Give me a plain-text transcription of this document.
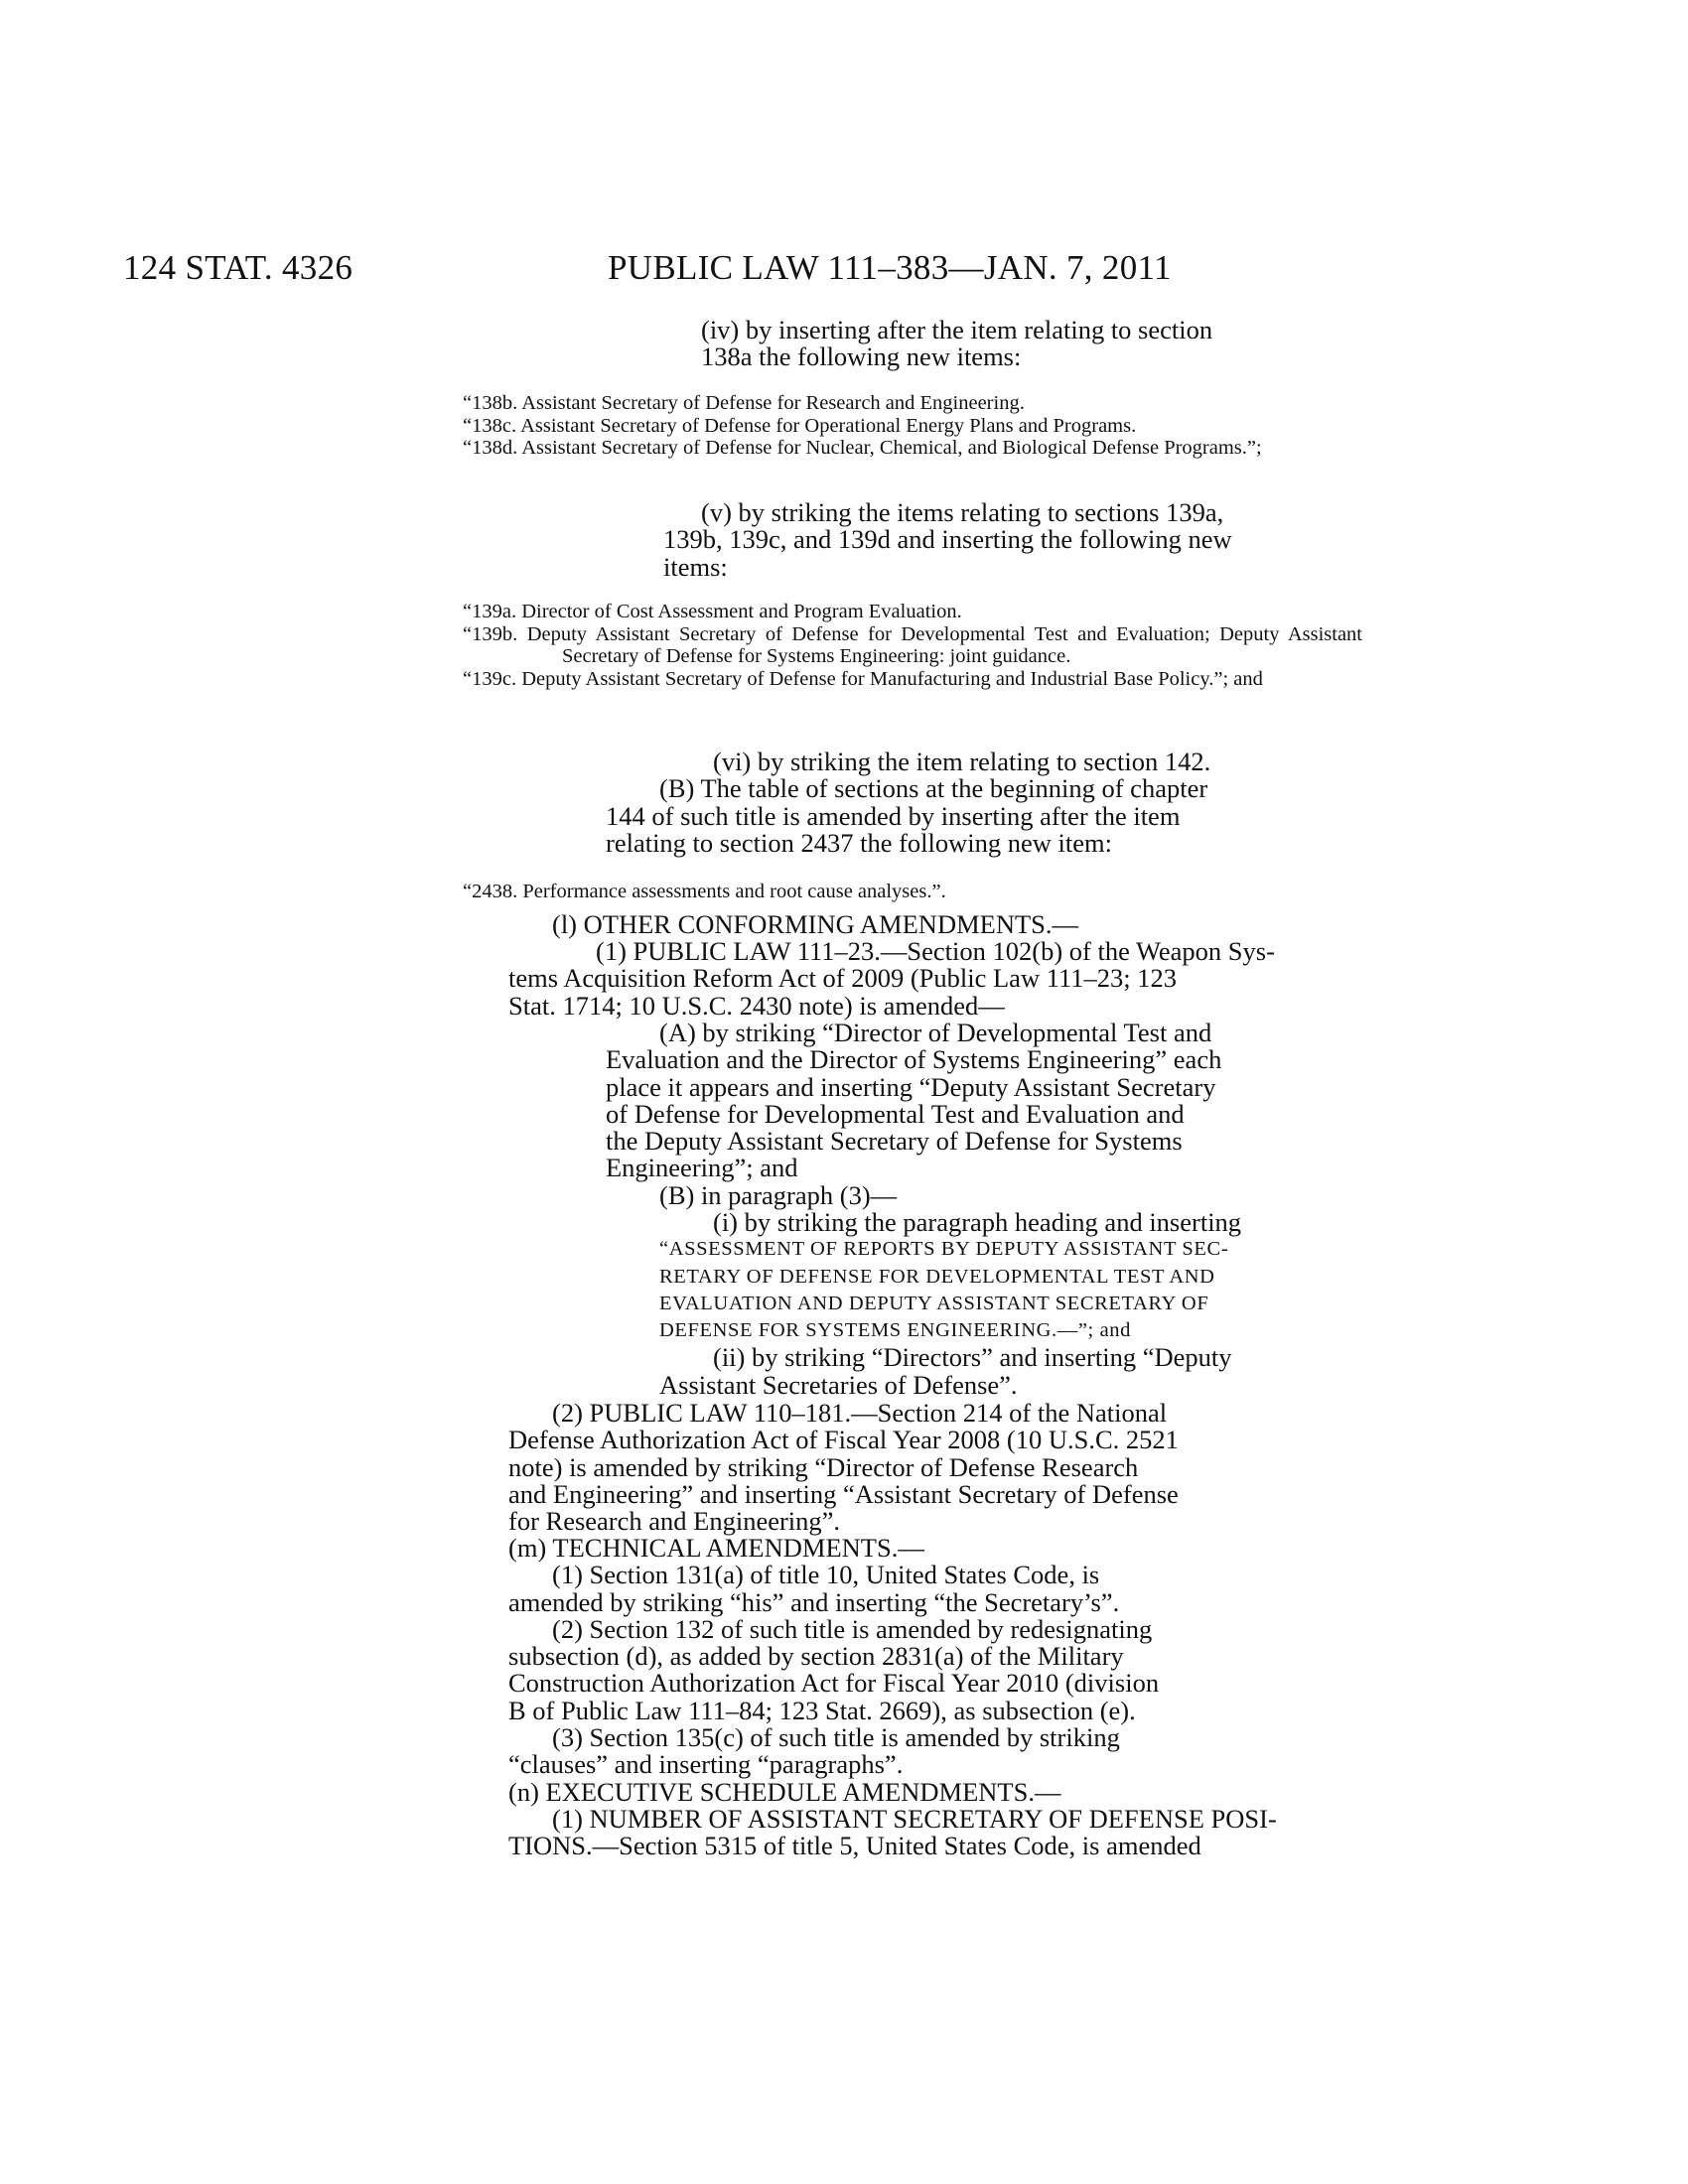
124 STAT. 4326	PUBLIC LAW 111–383—JAN. 7, 2011
(iv) by inserting after the item relating to section
138a the following new items:
“138b. Assistant Secretary of Defense for Research and Engineering.
“138c. Assistant Secretary of Defense for Operational Energy Plans and Programs.
“138d. Assistant Secretary of Defense for Nuclear, Chemical, and Biological Defense Programs.”;
(v) by striking the items relating to sections 139a,
139b, 139c, and 139d and inserting the following new
items:
“139a. Director of Cost Assessment and Program Evaluation.
“139b. Deputy Assistant Secretary of Defense for Developmental Test and Evaluation; Deputy Assistant Secretary of Defense for Systems Engineering: joint guidance.
“139c. Deputy Assistant Secretary of Defense for Manufacturing and Industrial Base Policy.”; and
(vi) by striking the item relating to section 142.
(B) The table of sections at the beginning of chapter
144 of such title is amended by inserting after the item
relating to section 2437 the following new item:
“2438. Performance assessments and root cause analyses.”.
(l) OTHER CONFORMING AMENDMENTS.—
(1) PUBLIC LAW 111–23.—Section 102(b) of the Weapon Sys-
tems Acquisition Reform Act of 2009 (Public Law 111–23; 123
Stat. 1714; 10 U.S.C. 2430 note) is amended—
(A) by striking “Director of Developmental Test and
Evaluation and the Director of Systems Engineering” each
place it appears and inserting “Deputy Assistant Secretary
of Defense for Developmental Test and Evaluation and
the Deputy Assistant Secretary of Defense for Systems
Engineering”; and
(B) in paragraph (3)—
(i) by striking the paragraph heading and inserting
“ASSESSMENT OF REPORTS BY DEPUTY ASSISTANT SEC-
RETARY OF DEFENSE FOR DEVELOPMENTAL TEST AND
EVALUATION AND DEPUTY ASSISTANT SECRETARY OF
DEFENSE FOR SYSTEMS ENGINEERING.—”; and
(ii) by striking “Directors” and inserting “Deputy
Assistant Secretaries of Defense”.
(2) PUBLIC LAW 110–181.—Section 214 of the National
Defense Authorization Act of Fiscal Year 2008 (10 U.S.C. 2521
note) is amended by striking “Director of Defense Research
and Engineering” and inserting “Assistant Secretary of Defense
for Research and Engineering”.
(m) TECHNICAL AMENDMENTS.—
(1) Section 131(a) of title 10, United States Code, is
amended by striking “his” and inserting “the Secretary’s”.
(2) Section 132 of such title is amended by redesignating
subsection (d), as added by section 2831(a) of the Military
Construction Authorization Act for Fiscal Year 2010 (division
B of Public Law 111–84; 123 Stat. 2669), as subsection (e).
(3) Section 135(c) of such title is amended by striking
“clauses” and inserting “paragraphs”.
(n) EXECUTIVE SCHEDULE AMENDMENTS.—
(1) NUMBER OF ASSISTANT SECRETARY OF DEFENSE POSI-
TIONS.—Section 5315 of title 5, United States Code, is amended
